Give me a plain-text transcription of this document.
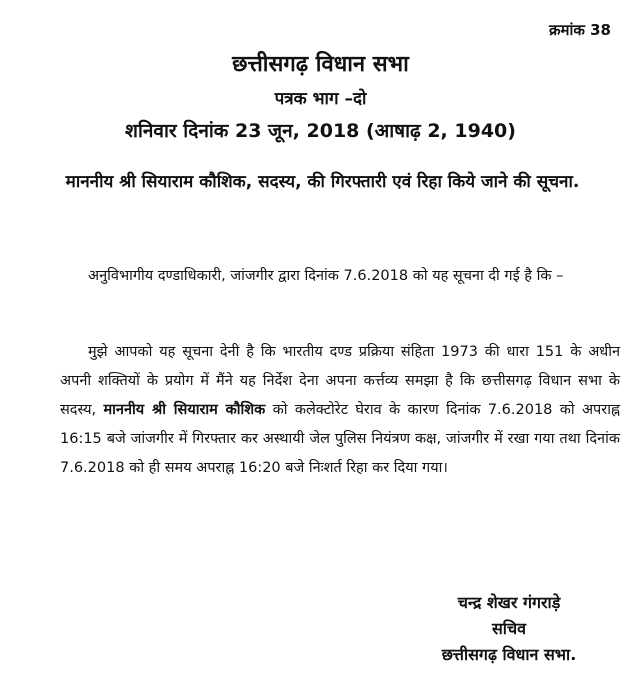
क्रमांक 38
छत्तीसगढ़ विधान सभा
पत्रक भाग –दो
शनिवार दिनांक 23 जून, 2018 (आषाढ़ 2, 1940)
माननीय श्री सियाराम कौशिक, सदस्य, की गिरफ्तारी एवं रिहा किये जाने की सूचना.

अनुविभागीय दण्डाधिकारी, जांजगीर द्वारा दिनांक 7.6.2018 को यह सूचना दी गई है कि –

मुझे आपको यह सूचना देनी है कि भारतीय दण्ड प्रक्रिया संहिता 1973 की धारा 151 के अधीन अपनी शक्तियों के प्रयोग में मैंने यह निर्देश देना अपना कर्त्तव्य समझा है कि छत्तीसगढ़ विधान सभा के सदस्य, माननीय श्री सियाराम कौशिक को कलेक्टोरेट घेराव के कारण दिनांक 7.6.2018 को अपराह्न 16:15 बजे जांजगीर में गिरफ्तार कर अस्थायी जेल पुलिस नियंत्रण कक्ष, जांजगीर में रखा गया तथा दिनांक 7.6.2018 को ही समय अपराह्न 16:20 बजे निःशर्त रिहा कर दिया गया।

चन्द्र शेखर गंगराड़े
सचिव
छत्तीसगढ़ विधान सभा.
